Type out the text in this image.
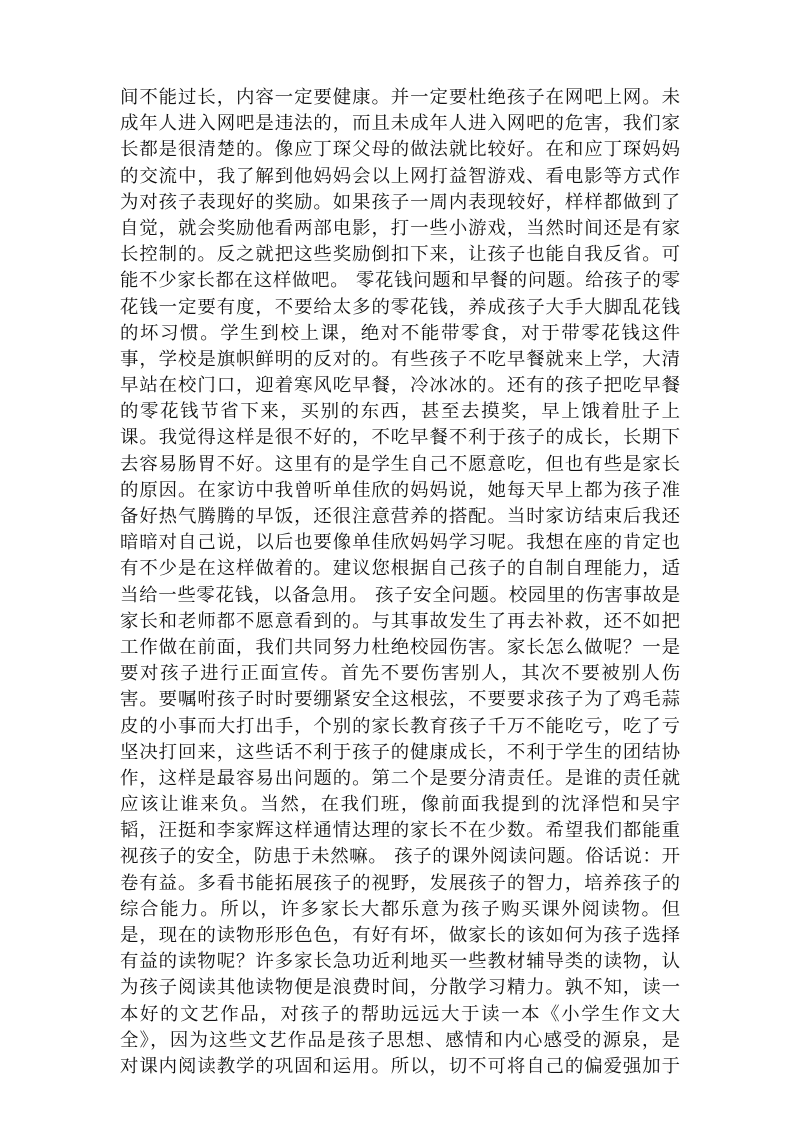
间不能过长，内容一定要健康。并一定要杜绝孩子在网吧上网。未
成年人进入网吧是违法的，而且未成年人进入网吧的危害，我们家
长都是很清楚的。像应丁琛父母的做法就比较好。在和应丁琛妈妈
的交流中，我了解到他妈妈会以上网打益智游戏、看电影等方式作
为对孩子表现好的奖励。如果孩子一周内表现较好，样样都做到了
自觉，就会奖励他看两部电影，打一些小游戏，当然时间还是有家
长控制的。反之就把这些奖励倒扣下来，让孩子也能自我反省。可
能不少家长都在这样做吧。 零花钱问题和早餐的问题。给孩子的零
花钱一定要有度，不要给太多的零花钱，养成孩子大手大脚乱花钱
的坏习惯。学生到校上课，绝对不能带零食，对于带零花钱这件
事，学校是旗帜鲜明的反对的。有些孩子不吃早餐就来上学，大清
早站在校门口，迎着寒风吃早餐，冷冰冰的。还有的孩子把吃早餐
的零花钱节省下来，买别的东西，甚至去摸奖，早上饿着肚子上
课。我觉得这样是很不好的，不吃早餐不利于孩子的成长，长期下
去容易肠胃不好。这里有的是学生自己不愿意吃，但也有些是家长
的原因。在家访中我曾听单佳欣的妈妈说，她每天早上都为孩子准
备好热气腾腾的早饭，还很注意营养的搭配。当时家访结束后我还
暗暗对自己说，以后也要像单佳欣妈妈学习呢。我想在座的肯定也
有不少是在这样做着的。建议您根据自己孩子的自制自理能力，适
当给一些零花钱，以备急用。 孩子安全问题。校园里的伤害事故是
家长和老师都不愿意看到的。与其事故发生了再去补救，还不如把
工作做在前面，我们共同努力杜绝校园伤害。家长怎么做呢？一是
要对孩子进行正面宣传。首先不要伤害别人，其次不要被别人伤
害。要嘱咐孩子时时要绷紧安全这根弦，不要要求孩子为了鸡毛蒜
皮的小事而大打出手，个别的家长教育孩子千万不能吃亏，吃了亏
坚决打回来，这些话不利于孩子的健康成长，不利于学生的团结协
作，这样是最容易出问题的。第二个是要分清责任。是谁的责任就
应该让谁来负。当然，在我们班，像前面我提到的沈泽恺和吴宇
韬，汪挺和李家辉这样通情达理的家长不在少数。希望我们都能重
视孩子的安全，防患于未然嘛。 孩子的课外阅读问题。俗话说：开
卷有益。多看书能拓展孩子的视野，发展孩子的智力，培养孩子的
综合能力。所以，许多家长大都乐意为孩子购买课外阅读物。但
是，现在的读物形形色色，有好有坏，做家长的该如何为孩子选择
有益的读物呢？许多家长急功近利地买一些教材辅导类的读物，认
为孩子阅读其他读物便是浪费时间，分散学习精力。孰不知，读一
本好的文艺作品，对孩子的帮助远远大于读一本《小学生作文大
全》，因为这些文艺作品是孩子思想、感情和内心感受的源泉，是
对课内阅读教学的巩固和运用。所以，切不可将自己的偏爱强加于
